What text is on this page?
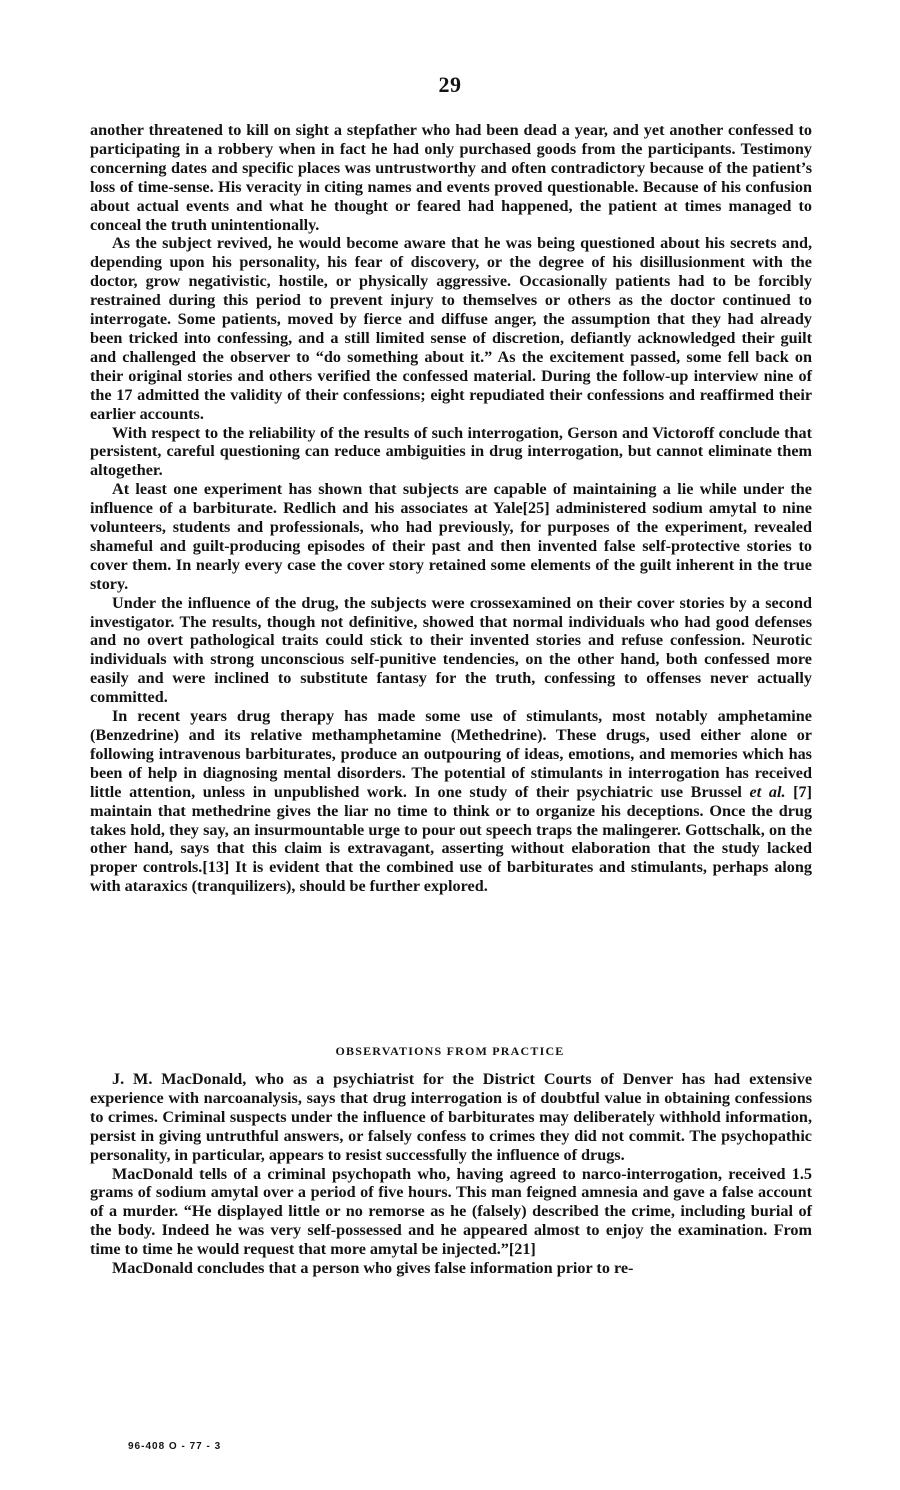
29

another threatened to kill on sight a stepfather who had been dead a year, and yet another confessed to participating in a robbery when in fact he had only purchased goods from the participants. Testimony concerning dates and specific places was untrustworthy and often contradictory because of the patient’s loss of time-sense. His veracity in citing names and events proved questionable. Because of his confusion about actual events and what he thought or feared had happened, the patient at times managed to conceal the truth unintentionally.

As the subject revived, he would become aware that he was being questioned about his secrets and, depending upon his personality, his fear of discovery, or the degree of his disillusionment with the doctor, grow negativistic, hostile, or physically aggressive. Occasionally patients had to be forcibly restrained during this period to prevent injury to themselves or others as the doctor continued to interrogate. Some patients, moved by fierce and diffuse anger, the assumption that they had already been tricked into confessing, and a still limited sense of discretion, defiantly acknowledged their guilt and challenged the observer to “do something about it.” As the excitement passed, some fell back on their original stories and others verified the confessed material. During the follow-up interview nine of the 17 admitted the validity of their confessions; eight repudiated their confessions and reaffirmed their earlier accounts.

With respect to the reliability of the results of such interrogation, Gerson and Victoroff conclude that persistent, careful questioning can reduce ambiguities in drug interrogation, but cannot eliminate them altogether.

At least one experiment has shown that subjects are capable of maintaining a lie while under the influence of a barbiturate. Redlich and his associates at Yale[25] administered sodium amytal to nine volunteers, students and professionals, who had previously, for purposes of the experiment, revealed shameful and guilt-producing episodes of their past and then invented false self-protective stories to cover them. In nearly every case the cover story retained some elements of the guilt inherent in the true story.

Under the influence of the drug, the subjects were crossexamined on their cover stories by a second investigator. The results, though not definitive, showed that normal individuals who had good defenses and no overt pathological traits could stick to their invented stories and refuse confession. Neurotic individuals with strong unconscious self-punitive tendencies, on the other hand, both confessed more easily and were inclined to substitute fantasy for the truth, confessing to offenses never actually committed.

In recent years drug therapy has made some use of stimulants, most notably amphetamine (Benzedrine) and its relative methamphetamine (Methedrine). These drugs, used either alone or following intravenous barbiturates, produce an outpouring of ideas, emotions, and memories which has been of help in diagnosing mental disorders. The potential of stimulants in interrogation has received little attention, unless in unpublished work. In one study of their psychiatric use Brussel et al. [7] maintain that methedrine gives the liar no time to think or to organize his deceptions. Once the drug takes hold, they say, an insurmountable urge to pour out speech traps the malingerer. Gottschalk, on the other hand, says that this claim is extravagant, asserting without elaboration that the study lacked proper controls.[13] It is evident that the combined use of barbiturates and stimulants, perhaps along with ataraxics (tranquilizers), should be further explored.

OBSERVATIONS FROM PRACTICE

J. M. MacDonald, who as a psychiatrist for the District Courts of Denver has had extensive experience with narcoanalysis, says that drug interrogation is of doubtful value in obtaining confessions to crimes. Criminal suspects under the influence of barbiturates may deliberately withhold information, persist in giving untruthful answers, or falsely confess to crimes they did not commit. The psychopathic personality, in particular, appears to resist successfully the influence of drugs.

MacDonald tells of a criminal psychopath who, having agreed to narco-interrogation, received 1.5 grams of sodium amytal over a period of five hours. This man feigned amnesia and gave a false account of a murder. “He displayed little or no remorse as he (falsely) described the crime, including burial of the body. Indeed he was very self-possessed and he appeared almost to enjoy the examination. From time to time he would request that more amytal be injected.”[21]

MacDonald concludes that a person who gives false information prior to re-

96-408 O - 77 - 3
